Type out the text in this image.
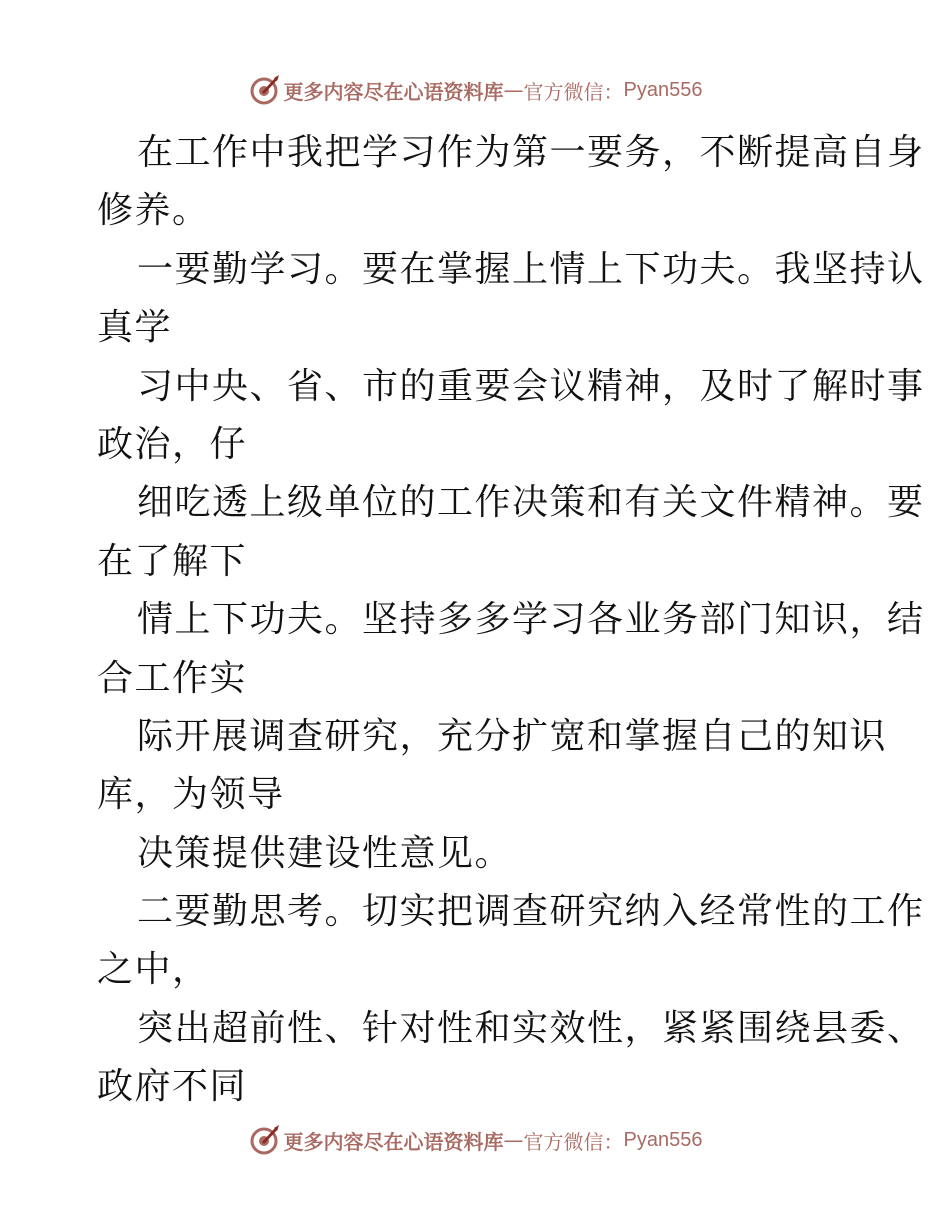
更多内容尽在心语资料库 — 官方微信： Pyan556
在工作中我把学习作为第一要务，不断提高自身
修养。
一要勤学习。要在掌握上情上下功夫。我坚持认
真学
习中央、省、市的重要会议精神，及时了解时事
政治，仔
细吃透上级单位的工作决策和有关文件精神。要
在了解下
情上下功夫。坚持多多学习各业务部门知识，结
合工作实
际开展调查研究，充分扩宽和掌握自己的知识
库，为领导
决策提供建设性意见。
二要勤思考。切实把调查研究纳入经常性的工作
之中，
突出超前性、针对性和实效性，紧紧围绕县委、
政府不同
更多内容尽在心语资料库 — 官方微信： Pyan556
